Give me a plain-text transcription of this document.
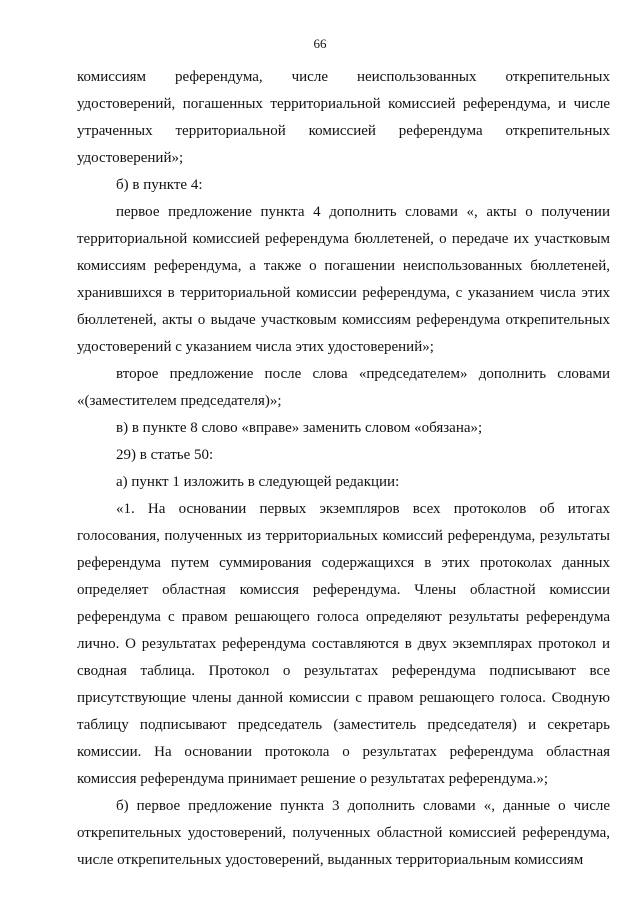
66

комиссиям референдума, числе неиспользованных открепительных удостоверений, погашенных территориальной комиссией референдума, и числе утраченных территориальной комиссией референдума открепительных удостоверений»;

б) в пункте 4:

первое предложение пункта 4 дополнить словами «, акты о получении территориальной комиссией референдума бюллетеней, о передаче их участковым комиссиям референдума, а также о погашении неиспользованных бюллетеней, хранившихся в территориальной комиссии референдума, с указанием числа этих бюллетеней, акты о выдаче участковым комиссиям референдума открепительных удостоверений с указанием числа этих удостоверений»;

второе предложение после слова «председателем» дополнить словами «(заместителем председателя)»;

в) в пункте 8 слово «вправе» заменить словом «обязана»;

29) в статье 50:

а) пункт 1 изложить в следующей редакции:

«1. На основании первых экземпляров всех протоколов об итогах голосования, полученных из территориальных комиссий референдума, результаты референдума путем суммирования содержащихся в этих протоколах данных определяет областная комиссия референдума. Члены областной комиссии референдума с правом решающего голоса определяют результаты референдума лично. О результатах референдума составляются в двух экземплярах протокол и сводная таблица. Протокол о результатах референдума подписывают все присутствующие члены данной комиссии с правом решающего голоса. Сводную таблицу подписывают председатель (заместитель председателя) и секретарь комиссии. На основании протокола о результатах референдума областная комиссия референдума принимает решение о результатах референдума.»;

б) первое предложение пункта 3 дополнить словами «, данные о числе открепительных удостоверений, полученных областной комиссией референдума, числе открепительных удостоверений, выданных территориальным комиссиям
